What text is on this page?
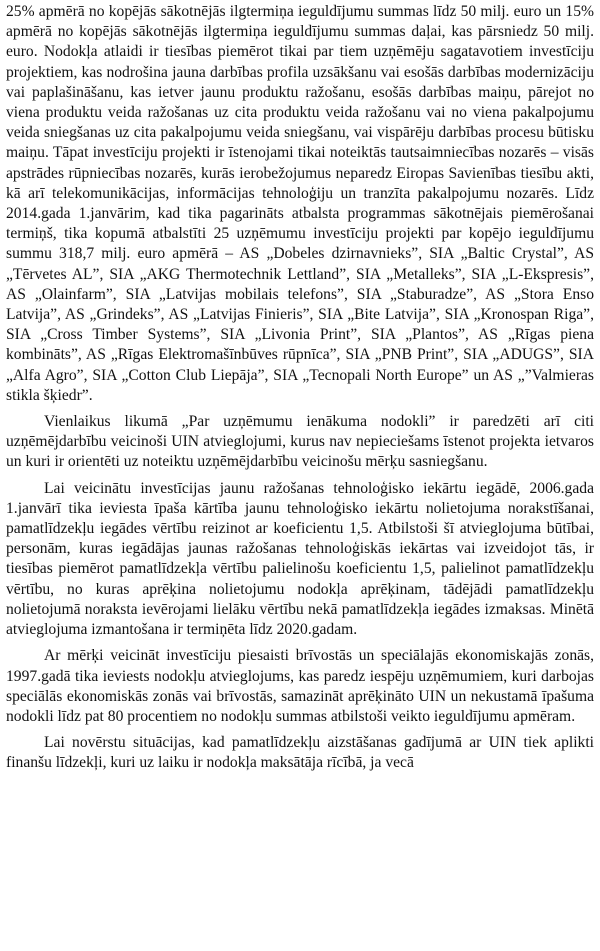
25% apmērā no kopējās sākotnējās ilgtermiņa ieguldījumu summas līdz 50 milj. euro un 15% apmērā no kopējās sākotnējās ilgtermiņa ieguldījumu summas daļai, kas pārsniedz 50 milj. euro. Nodokļa atlaidi ir tiesības piemērot tikai par tiem uzņēmēju sagatavotiem investīciju projektiem, kas nodrošina jauna darbības profila uzsākšanu vai esošās darbības modernizāciju vai paplašināšanu, kas ietver jaunu produktu ražošanu, esošās darbības maiņu, pārejot no viena produktu veida ražošanas uz cita produktu veida ražošanu vai no viena pakalpojumu veida sniegšanas uz cita pakalpojumu veida sniegšanu, vai vispārēju darbības procesu būtisku maiņu. Tāpat investīciju projekti ir īstenojami tikai noteiktās tautsaimniecības nozarēs – visās apstrādes rūpniecības nozarēs, kurās ierobežojumus neparedz Eiropas Savienības tiesību akti, kā arī telekomunikācijas, informācijas tehnoloģiju un tranzīta pakalpojumu nozarēs. Līdz 2014.gada 1.janvārim, kad tika pagarināts atbalsta programmas sākotnējais piemērošanai termiņš, tika kopumā atbalstīti 25 uzņēmumu investīciju projekti par kopējo ieguldījumu summu 318,7 milj. euro apmērā – AS „Dobeles dzirnavnieks”, SIA „Baltic Crystal”, AS „Tērvetes AL”, SIA „AKG Thermotechnik Lettland”, SIA „Metalleks”, SIA „L-Ekspresis”, AS „Olainfarm”, SIA „Latvijas mobilais telefons”, SIA „Staburadze”, AS „Stora Enso Latvija”, AS „Grindeks”, AS „Latvijas Finieris”, SIA „Bite Latvija”, SIA „Kronospan Riga”, SIA „Cross Timber Systems”, SIA „Livonia Print”, SIA „Plantos”, AS „Rīgas piena kombināts”, AS „Rīgas Elektromašīnbūves rūpnīca”, SIA „PNB Print”, SIA „ADUGS”, SIA „Alfa Agro”, SIA „Cotton Club Liepāja”, SIA „Tecnopali North Europe” un AS „”Valmieras stikla šķiedr”.

Vienlaikus likumā „Par uzņēmumu ienākuma nodokli” ir paredzēti arī citi uzņēmējdarbību veicinoši UIN atvieglojumi, kurus nav nepieciešams īstenot projekta ietvaros un kuri ir orientēti uz noteiktu uzņēmējdarbību veicinošu mērķu sasniegšanu.

Lai veicinātu investīcijas jaunu ražošanas tehnoloģisko iekārtu iegādē, 2006.gada 1.janvārī tika ieviesta īpaša kārtība jaunu tehnoloģisko iekārtu nolietojuma norakstīšanai, pamatlīdzekļu iegādes vērtību reizinot ar koeficientu 1,5. Atbilstoši šī atvieglojuma būtībai, personām, kuras iegādājas jaunas ražošanas tehnoloģiskās iekārtas vai izveidojot tās, ir tiesības piemērot pamatlīdzekļa vērtību palielinošu koeficientu 1,5, palielinot pamatlīdzekļu vērtību, no kuras aprēķina nolietojumu nodokļa aprēķinam, tādējādi pamatlīdzekļu nolietojumā noraksta ievērojami lielāku vērtību nekā pamatlīdzekļa iegādes izmaksas. Minētā atvieglojuma izmantošana ir termiņēta līdz 2020.gadam.

Ar mērķi veicināt investīciju piesaisti brīvostās un speciālajās ekonomiskajās zonās, 1997.gadā tika ieviests nodokļu atvieglojums, kas paredz iespēju uzņēmumiem, kuri darbojas speciālās ekonomiskās zonās vai brīvostās, samazināt aprēķināto UIN un nekustamā īpašuma nodokli līdz pat 80 procentiem no nodokļu summas atbilstoši veikto ieguldījumu apmēram.

Lai novērstu situācijas, kad pamatlīdzekļu aizstāšanas gadījumā ar UIN tiek aplikti finanšu līdzekļi, kuri uz laiku ir nodokļa maksātāja rīcībā, ja vecā
